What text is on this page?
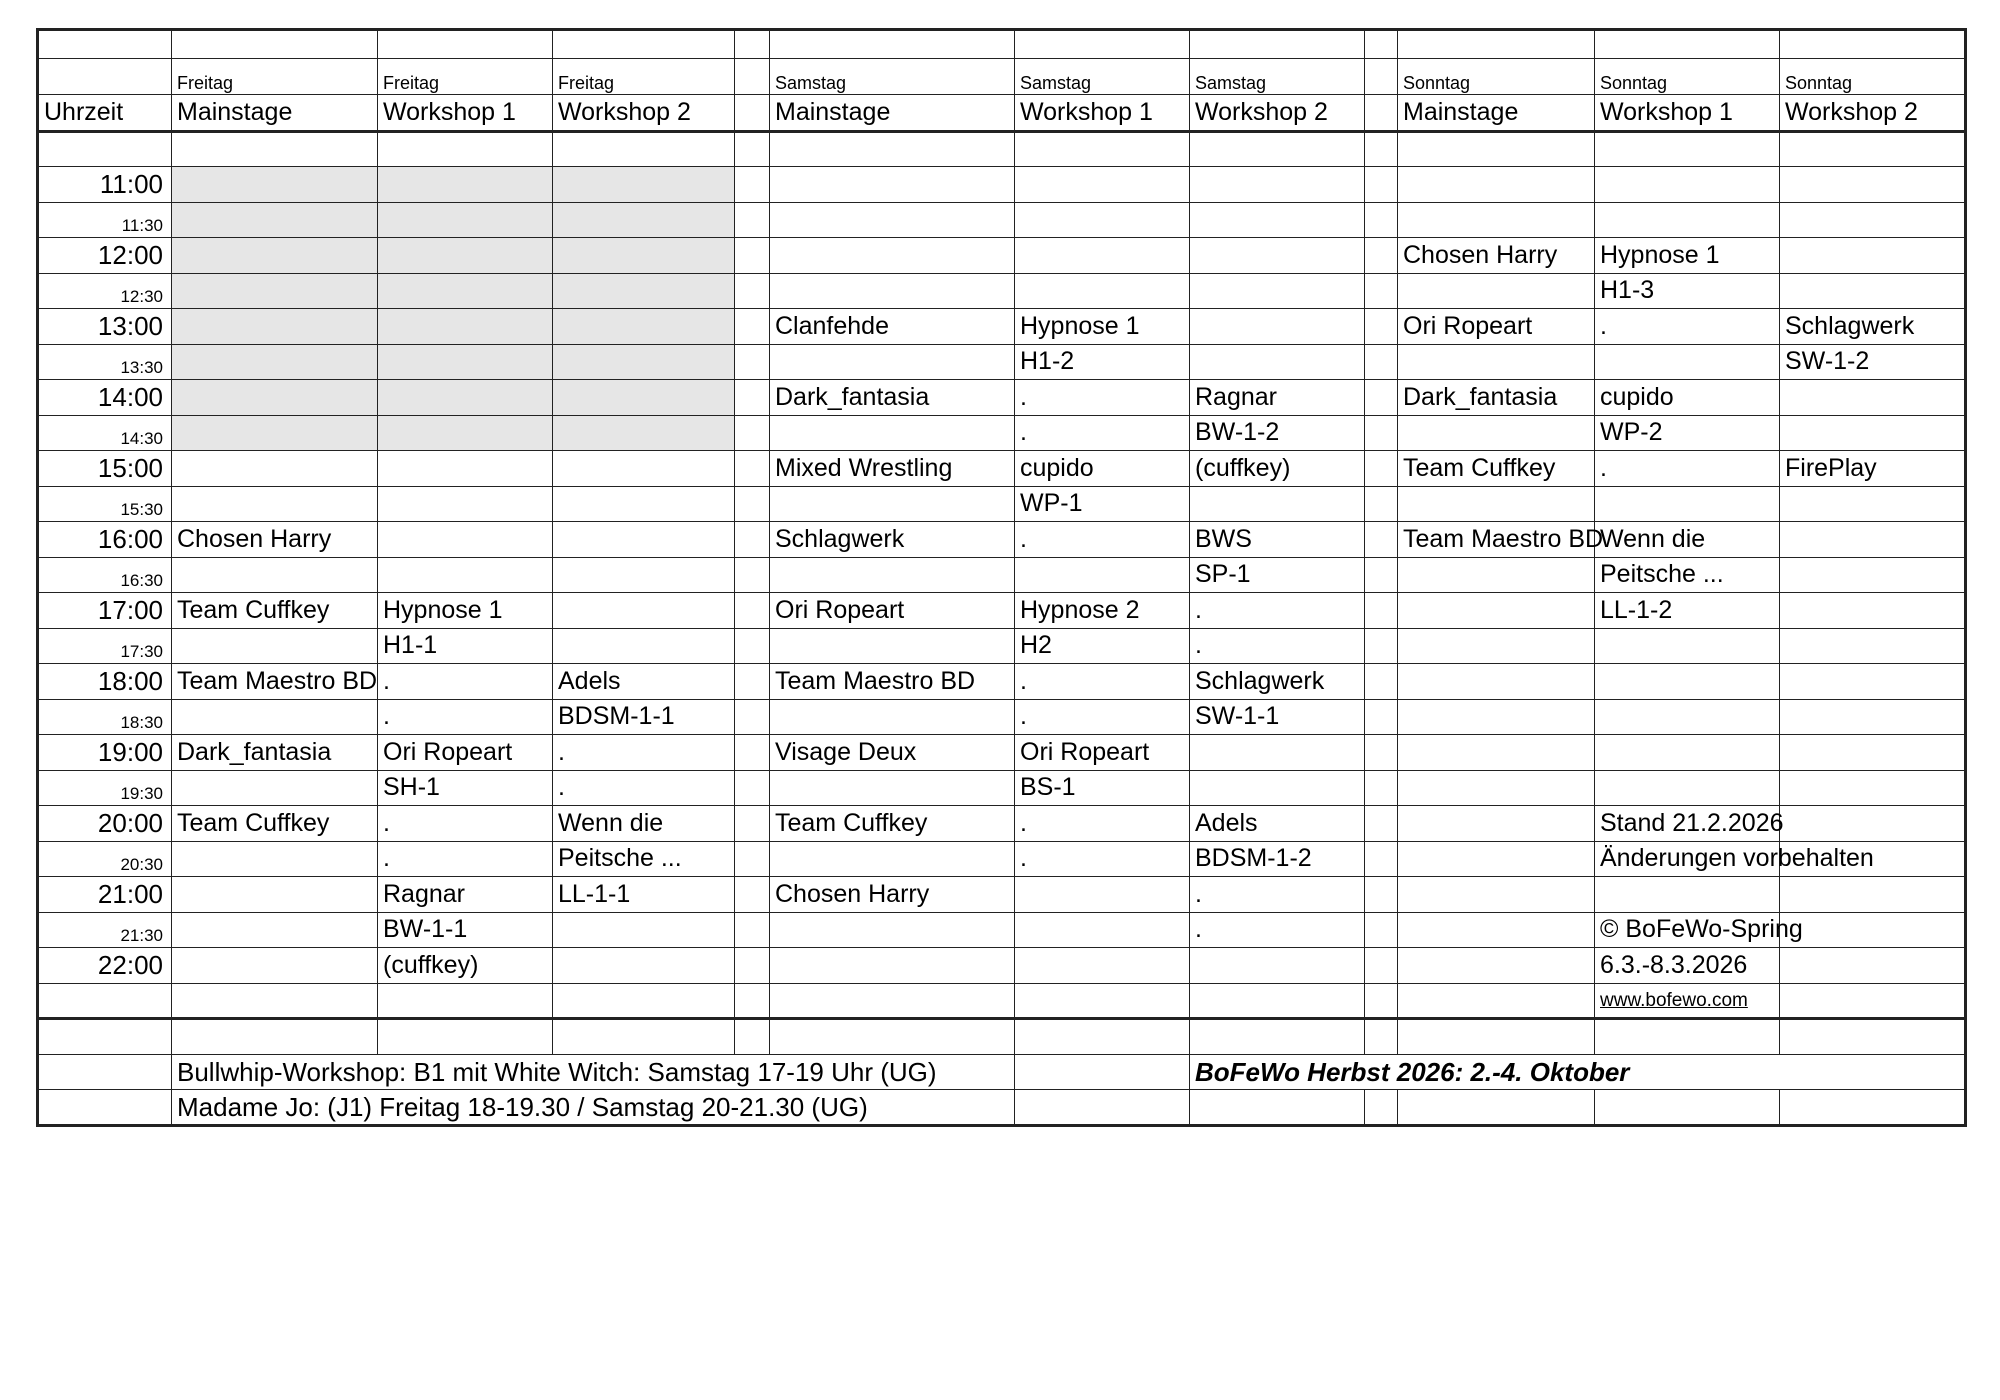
	Freitag	Freitag	Freitag		Samstag	Samstag	Samstag		Sonntag	Sonntag	Sonntag
Uhrzeit	Mainstage	Workshop 1	Workshop 2		Mainstage	Workshop 1	Workshop 2		Mainstage	Workshop 1	Workshop 2

11:00											
11:30											
12:00									Chosen Harry	Hypnose 1	
12:30										H1-3	
13:00					Clanfehde	Hypnose 1			Ori Ropeart	.	Schlagwerk
13:30						H1-2					SW-1-2
14:00					Dark_fantasia	.	Ragnar		Dark_fantasia	cupido	
14:30						.	BW-1-2			WP-2	
15:00					Mixed Wrestling	cupido	(cuffkey)		Team Cuffkey	.	FirePlay
15:30						WP-1					
16:00	Chosen Harry				Schlagwerk	.	BWS		Team Maestro BD	Wenn die	
16:30							SP-1			Peitsche ...	
17:00	Team Cuffkey	Hypnose 1			Ori Ropeart	Hypnose 2	.			LL-1-2	
17:30		H1-1				H2	.				
18:00	Team Maestro BD	.	Adels		Team Maestro BD	.	Schlagwerk				
18:30		.	BDSM-1-1			.	SW-1-1				
19:00	Dark_fantasia	Ori Ropeart	.		Visage Deux	Ori Ropeart					
19:30		SH-1	.			BS-1					
20:00	Team Cuffkey	.	Wenn die		Team Cuffkey	.	Adels			Stand 21.2.2026	
20:30		.	Peitsche ...			.	BDSM-1-2			Änderungen vorbehalten	
21:00		Ragnar	LL-1-1		Chosen Harry		.				
21:30		BW-1-1					.			© BoFeWo-Spring	
22:00		(cuffkey)								6.3.-8.3.2026	
										www.bofewo.com	

	Bullwhip-Workshop: B1 mit White Witch: Samstag 17-19 Uhr (UG)						BoFeWo Herbst 2026: 2.-4. Oktober				
	Madame Jo: (J1) Freitag 18-19.30 / Samstag 20-21.30 (UG)										
